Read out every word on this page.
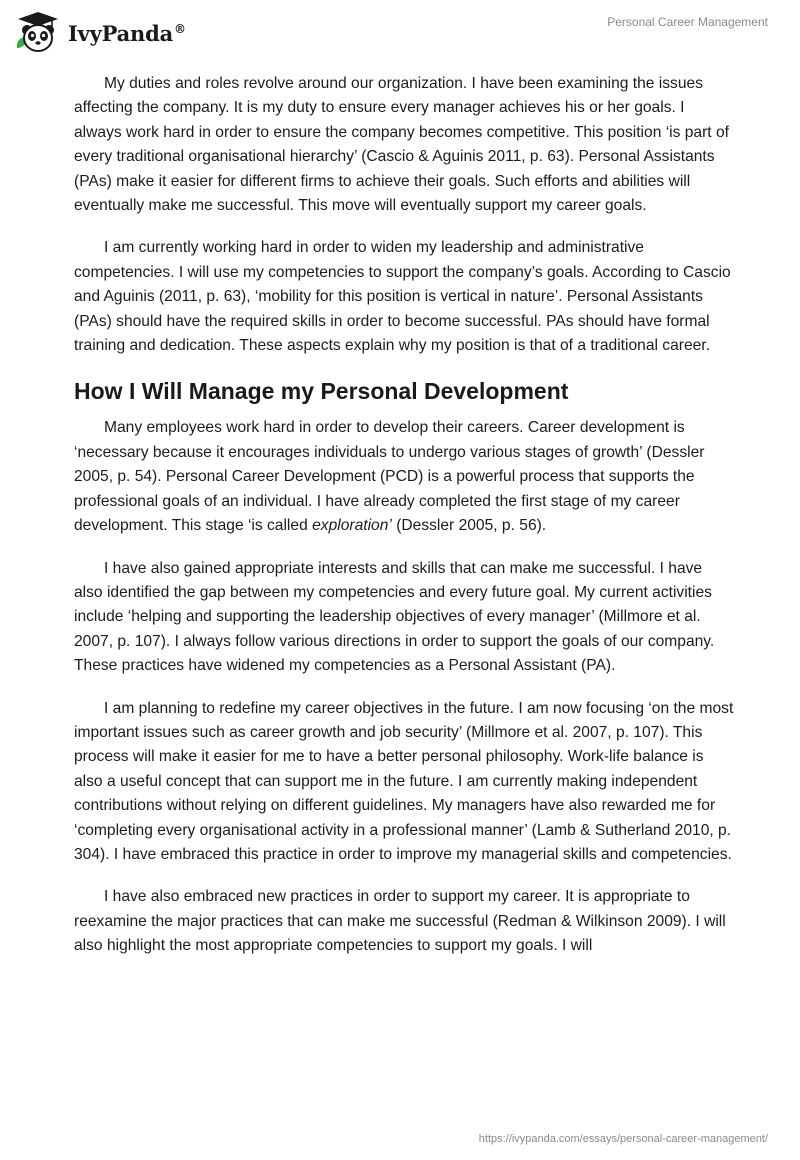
IvyPanda®	Personal Career Management

My duties and roles revolve around our organization. I have been examining the issues affecting the company. It is my duty to ensure every manager achieves his or her goals. I always work hard in order to ensure the company becomes competitive. This position ‘is part of every traditional organisational hierarchy’ (Cascio & Aguinis 2011, p. 63). Personal Assistants (PAs) make it easier for different firms to achieve their goals. Such efforts and abilities will eventually make me successful. This move will eventually support my career goals.

I am currently working hard in order to widen my leadership and administrative competencies. I will use my competencies to support the company’s goals. According to Cascio and Aguinis (2011, p. 63), ‘mobility for this position is vertical in nature’. Personal Assistants (PAs) should have the required skills in order to become successful. PAs should have formal training and dedication. These aspects explain why my position is that of a traditional career.

How I Will Manage my Personal Development

Many employees work hard in order to develop their careers. Career development is ‘necessary because it encourages individuals to undergo various stages of growth’ (Dessler 2005, p. 54). Personal Career Development (PCD) is a powerful process that supports the professional goals of an individual. I have already completed the first stage of my career development. This stage ‘is called exploration’ (Dessler 2005, p. 56).

I have also gained appropriate interests and skills that can make me successful. I have also identified the gap between my competencies and every future goal. My current activities include ‘helping and supporting the leadership objectives of every manager’ (Millmore et al. 2007, p. 107). I always follow various directions in order to support the goals of our company. These practices have widened my competencies as a Personal Assistant (PA).

I am planning to redefine my career objectives in the future. I am now focusing ‘on the most important issues such as career growth and job security’ (Millmore et al. 2007, p. 107). This process will make it easier for me to have a better personal philosophy. Work-life balance is also a useful concept that can support me in the future. I am currently making independent contributions without relying on different guidelines. My managers have also rewarded me for ‘completing every organisational activity in a professional manner’ (Lamb & Sutherland 2010, p. 304). I have embraced this practice in order to improve my managerial skills and competencies.

I have also embraced new practices in order to support my career. It is appropriate to reexamine the major practices that can make me successful (Redman & Wilkinson 2009). I will also highlight the most appropriate competencies to support my goals. I will

https://ivypanda.com/essays/personal-career-management/
